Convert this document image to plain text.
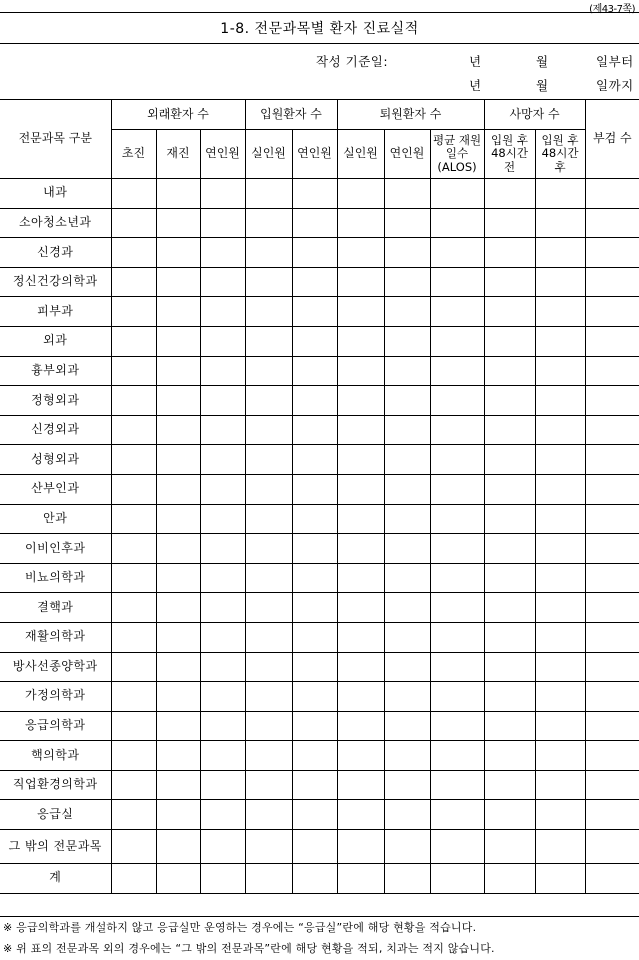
(제43-7쪽)
1-8. 전문과목별 환자 진료실적
작성 기준일:	년	월	일부터
년	월	일까지
전문과목 구분	외래환자 수			입원환자 수		퇴원환자 수			사망자 수		부검 수
	초진	재진	연인원	실인원	연인원	실인원	연인원	평균 재원일수 (ALOS)	입원 후 48시간 전	입원 후 48시간 후	
내과											
소아청소년과											
신경과											
정신건강의학과											
피부과											
외과											
흉부외과											
정형외과											
신경외과											
성형외과											
산부인과											
안과											
이비인후과											
비뇨의학과											
결핵과											
재활의학과											
방사선종양학과											
가정의학과											
응급의학과											
핵의학과											
직업환경의학과											
응급실											
그 밖의 전문과목											
계											
※ 응급의학과를 개설하지 않고 응급실만 운영하는 경우에는 “응급실”란에 해당 현황을 적습니다.
※ 위 표의 전문과목 외의 경우에는 “그 밖의 전문과목”란에 해당 현황을 적되, 치과는 적지 않습니다.
